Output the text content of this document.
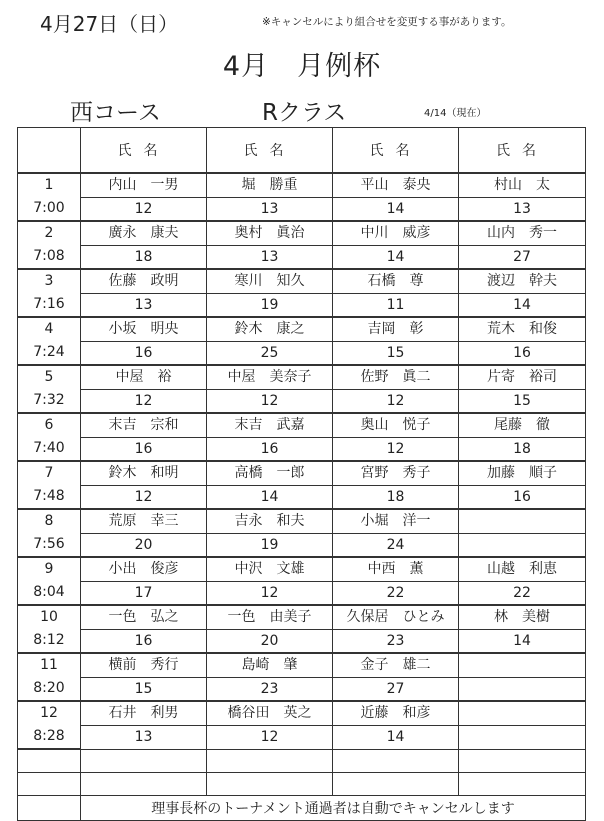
4月27日（日）	※キャンセルにより組合せを変更する事があります。
4月　月例杯
西コース	Rクラス	4/14（現在）
	氏名	氏名	氏名	氏名

1
7:00	内山　一男	堀　勝重	平山　泰央	村山　太
	12	13	14	13

2
7:08	廣永　康夫	奥村　眞治	中川　威彦	山内　秀一
	18	13	14	27

3
7:16	佐藤　政明	寒川　知久	石橋　尊	渡辺　幹夫
	13	19	11	14

4
7:24	小坂　明央	鈴木　康之	吉岡　彰	荒木　和俊
	16	25	15	16

5
7:32	中屋　裕	中屋　美奈子	佐野　眞二	片寄　裕司
	12	12	12	15

6
7:40	末吉　宗和	末吉　武嘉	奥山　悦子	尾藤　徹
	16	16	12	18

7
7:48	鈴木　和明	高橋　一郎	宮野　秀子	加藤　順子
	12	14	18	16

8
7:56	荒原　幸三	吉永　和夫	小堀　洋一	
	20	19	24	

9
8:04	小出　俊彦	中沢　文雄	中西　薫	山越　利恵
	17	12	22	22

10
8:12	一色　弘之	一色　由美子	久保居　ひとみ	林　美樹
	16	20	23	14

11
8:20	横前　秀行	島崎　肇	金子　雄二	
	15	23	27	

12
8:28	石井　利男	橋谷田　英之	近藤　和彦	
	13	12	14	

	理事長杯のトーナメント通過者は自動でキャンセルします			
